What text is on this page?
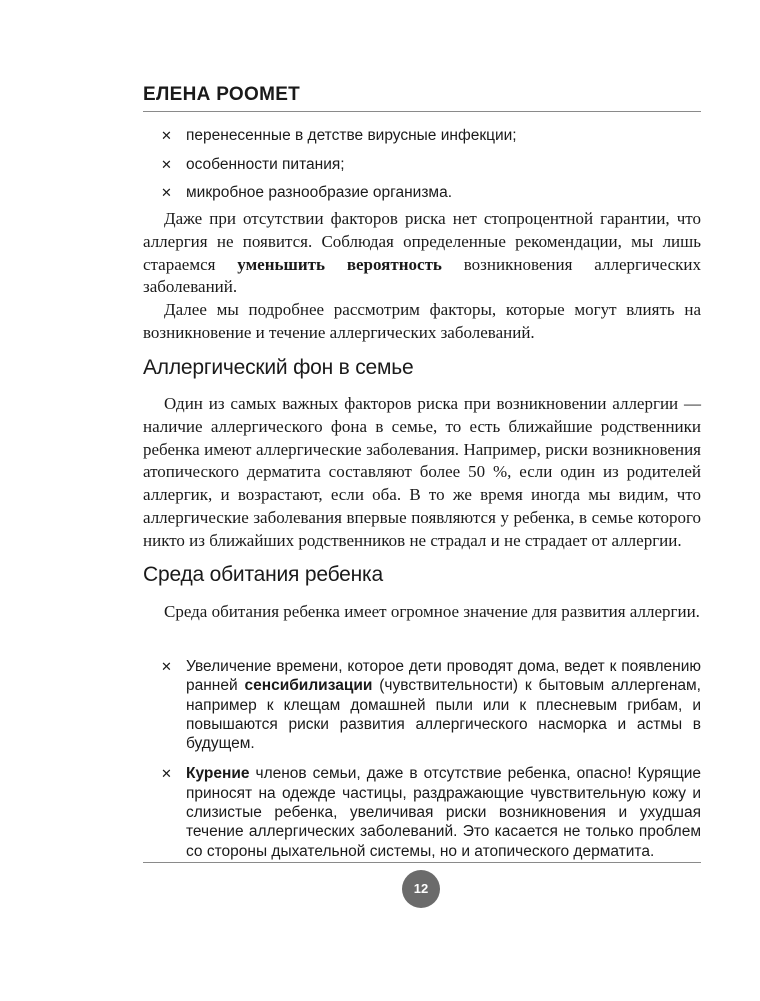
ЕЛЕНА РООМЕТ
✕ перенесенные в детстве вирусные инфекции;
✕ особенности питания;
✕ микробное разнообразие организма.

Даже при отсутствии факторов риска нет стопроцентной гарантии, что аллергия не появится. Соблюдая определенные рекомендации, мы лишь стараемся уменьшить вероятность возникновения аллергических заболеваний.

Далее мы подробнее рассмотрим факторы, которые могут влиять на возникновение и течение аллергических заболеваний.

Аллергический фон в семье

Один из самых важных факторов риска при возникновении аллергии — наличие аллергического фона в семье, то есть ближайшие родственники ребенка имеют аллергические заболевания. Например, риски возникновения атопического дерматита составляют более 50 %, если один из родителей аллергик, и возрастают, если оба. В то же время иногда мы видим, что аллергические заболевания впервые появляются у ребенка, в семье которого никто из ближайших родственников не страдал и не страдает от аллергии.

Среда обитания ребенка

Среда обитания ребенка имеет огромное значение для развития аллергии.

✕ Увеличение времени, которое дети проводят дома, ведет к появлению ранней сенсибилизации (чувствительности) к бытовым аллергенам, например к клещам домашней пыли или к плесневым грибам, и повышаются риски развития аллергического насморка и астмы в будущем.
✕ Курение членов семьи, даже в отсутствие ребенка, опасно! Курящие приносят на одежде частицы, раздражающие чувствительную кожу и слизистые ребенка, увеличивая риски возникновения и ухудшая течение аллергических заболеваний. Это касается не только проблем со стороны дыхательной системы, но и атопического дерматита.
12
